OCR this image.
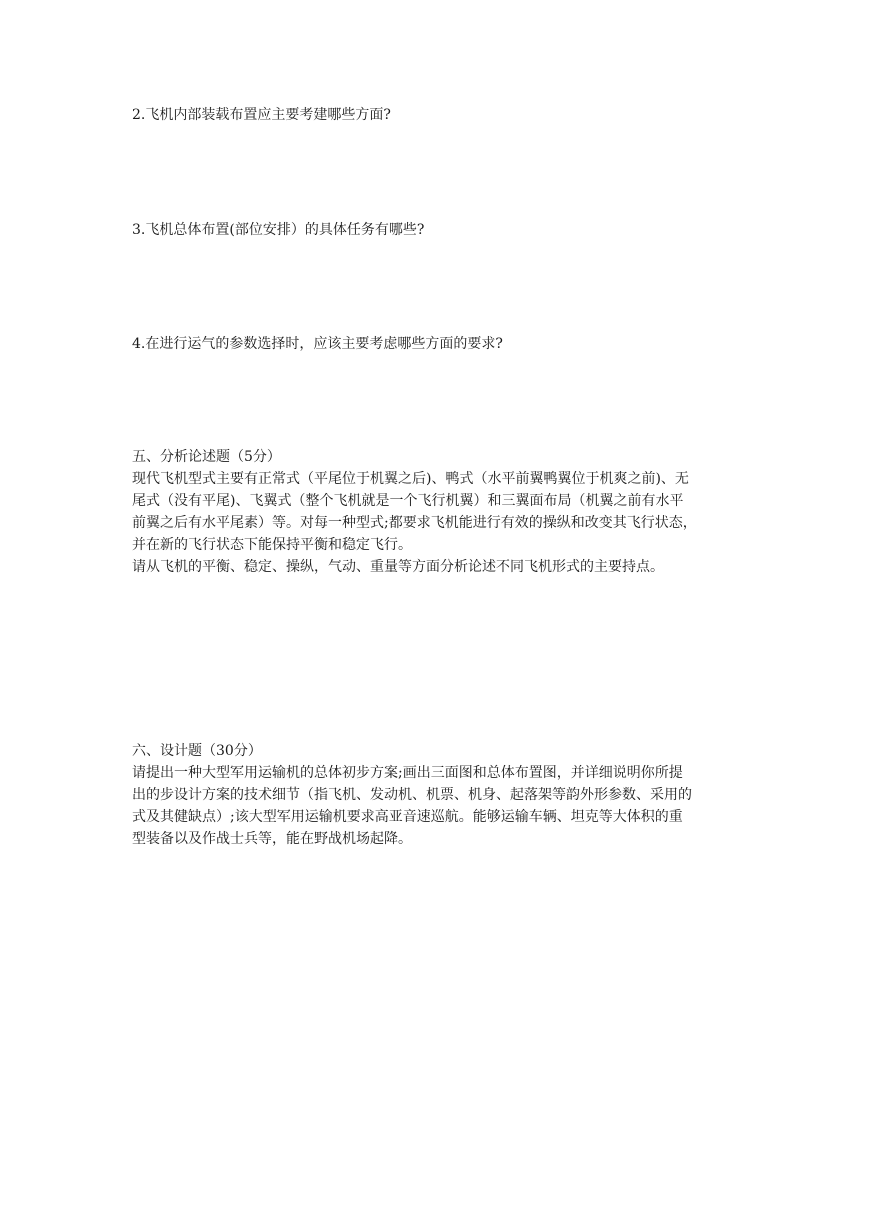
2.飞机内部装载布置应主要考建哪些方面?
3.飞机总体布置(部位安排）的具体任务有哪些?
4.在进行运气的参数选择时，应该主要考虑哪些方面的要求?
五、分析论述题（5分）
现代飞机型式主要有正常式（平尾位于机翼之后)、鸭式（水平前翼鸭翼位于机爽之前)、无
尾式（没有平尾)、飞翼式（整个飞机就是一个飞行机翼）和三翼面布局（机翼之前有水平
前翼之后有水平尾素）等。对每一种型式;都要求飞机能进行有效的操纵和改变其飞行状态，
并在新的飞行状态下能保持平衡和稳定飞行。
请从飞机的平衡、稳定、操纵，气动、重量等方面分析论述不同飞机形式的主要持点。
六、设计题（30分）
请提出一种大型军用运输机的总体初步方案;画出三面图和总体布置图，并详细说明你所提
出的步设计方案的技术细节（指飞机、发动机、机票、机身、起落架等韵外形参数、采用的
式及其健缺点）;该大型军用运输机要求高亚音速巡航。能够运输车辆、坦克等大体积的重
型装备以及作战士兵等，能在野战机场起降。
